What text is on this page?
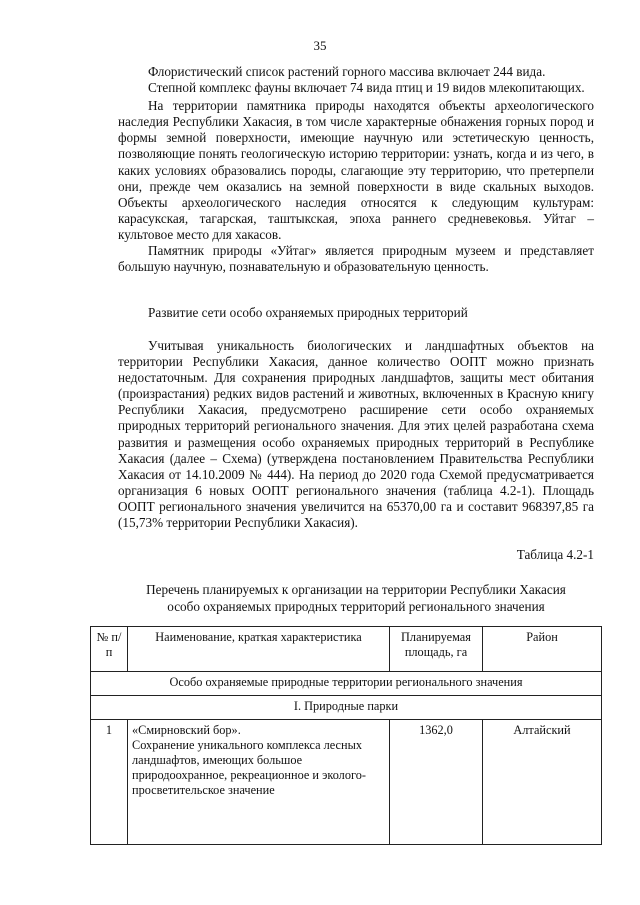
35

Флористический список растений горного массива включает 244 вида.

Степной комплекс фауны включает 74 вида птиц и 19 видов млекопитающих.

На территории памятника природы находятся объекты археологического наследия Республики Хакасия, в том числе характерные обнажения горных пород и формы земной поверхности, имеющие научную или эстетическую ценность, позволяющие понять геологическую историю территории: узнать, когда и из чего, в каких условиях образовались породы, слагающие эту территорию, что претерпели они, прежде чем оказались на земной поверхности в виде скальных выходов. Объекты археологического наследия относятся к следующим культурам: карасукская, тагарская, таштыкская, эпоха раннего средневековья. Уйтаг – культовое место для хакасов.

Памятник природы «Уйтаг» является природным музеем и представляет большую научную, познавательную и образовательную ценность.

Развитие сети особо охраняемых природных территорий

Учитывая уникальность биологических и ландшафтных объектов на территории Республики Хакасия, данное количество ООПТ можно признать недостаточным. Для сохранения природных ландшафтов, защиты мест обитания (произрастания) редких видов растений и животных, включенных в Красную книгу Республики Хакасия, предусмотрено расширение сети особо охраняемых природных территорий регионального значения. Для этих целей разработана схема развития и размещения особо охраняемых природных территорий в Республике Хакасия (далее – Схема) (утверждена постановлением Правительства Республики Хакасия от 14.10.2009 № 444). На период до 2020 года Схемой предусматривается организация 6 новых ООПТ регионального значения (таблица 4.2-1). Площадь ООПТ регионального значения увеличится на 65370,00 га и составит 968397,85 га (15,73% территории Республики Хакасия).

Таблица 4.2-1
Перечень планируемых к организации на территории Республики Хакасия
особо охраняемых природных территорий регионального значения
№ п/п	Наименование, краткая характеристика	Планируемая площадь, га	Район
Особо охраняемые природные территории регионального значения			
I. Природные парки			
1	«Смирновский бор».
Сохранение уникального комплекса лесных ландшафтов, имеющих большое природоохранное, рекреационное и эколого-просветительское значение	1362,0	Алтайский
